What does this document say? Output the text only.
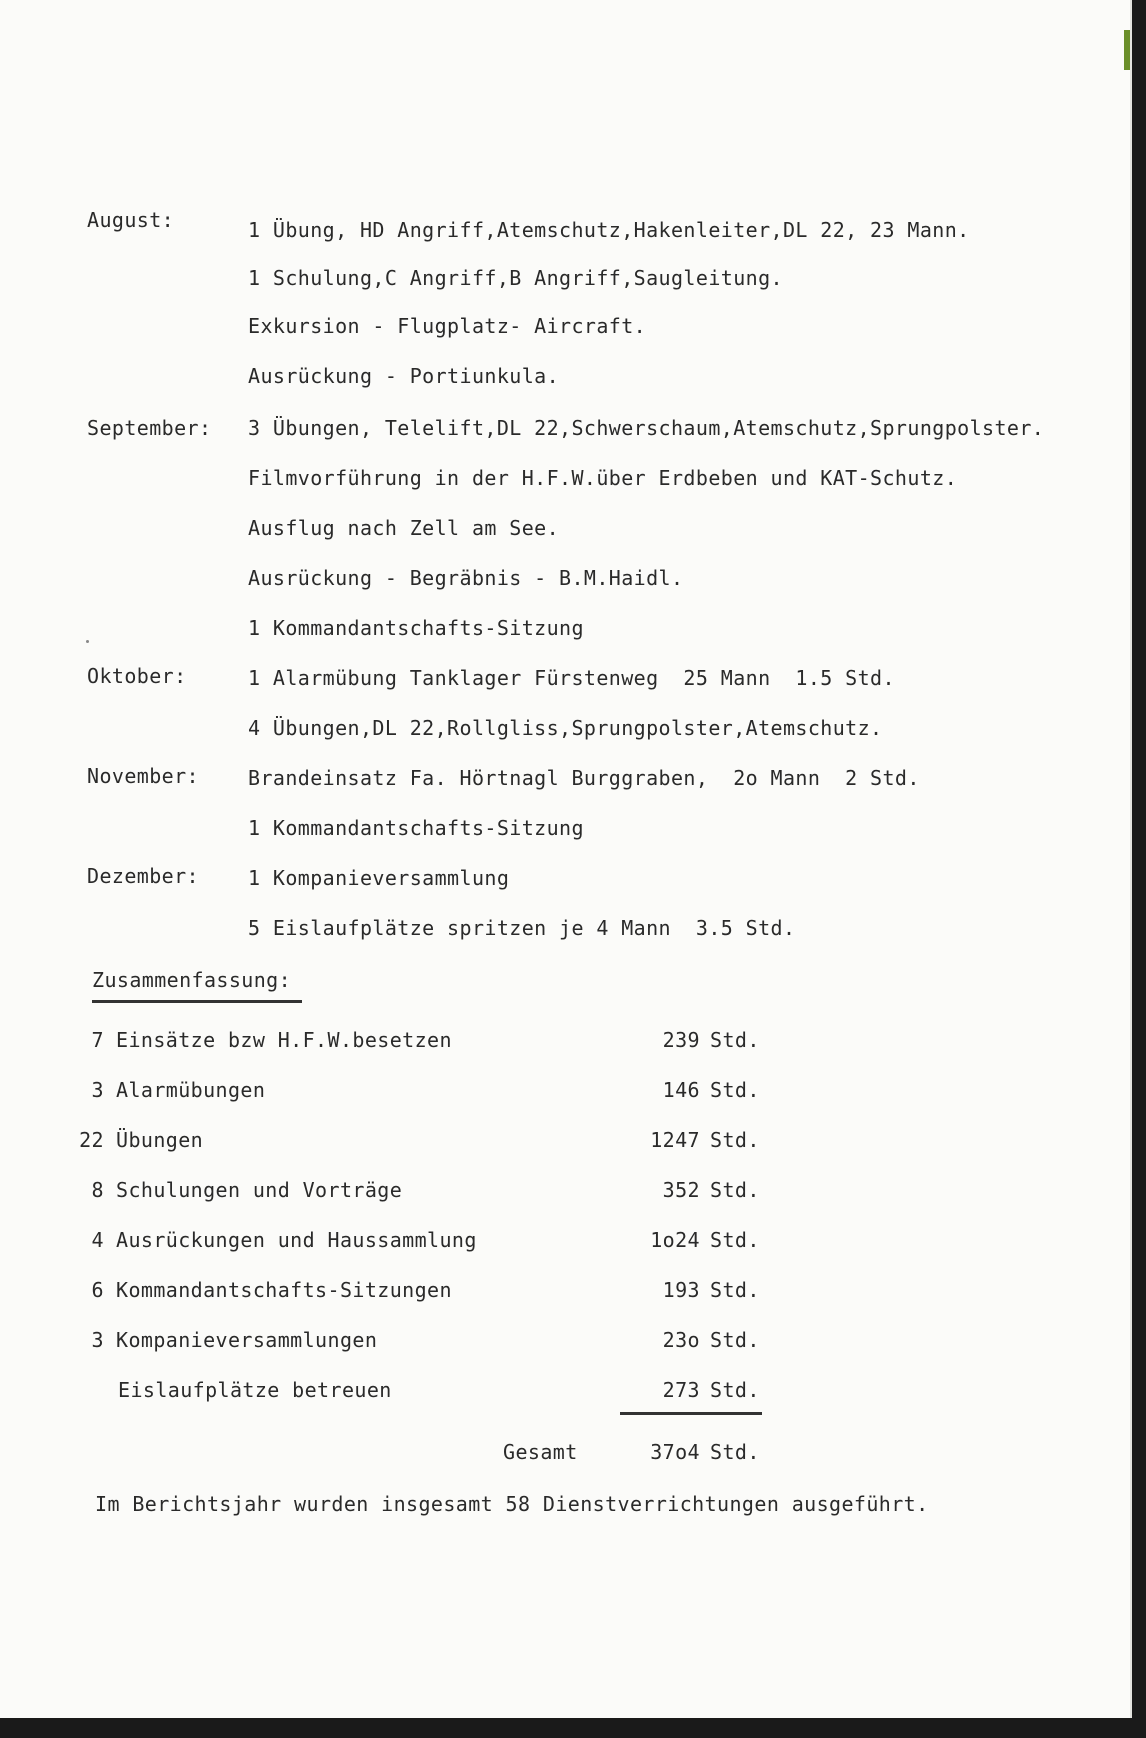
August:	1 Übung, HD Angriff,Atemschutz,Hakenleiter,DL 22, 23 Mann.
1 Schulung,C Angriff,B Angriff,Saugleitung.
Exkursion - Flugplatz- Aircraft.
Ausrückung - Portiunkula.
September: 3 Übungen, Telelift,DL 22,Schwerschaum,Atemschutz,Sprungpolster.
Filmvorführung in der H.F.W.über Erdbeben und KAT-Schutz.
Ausflug nach Zell am See.
Ausrückung - Begräbnis - B.M.Haidl.
1 Kommandantschafts-Sitzung
Oktober:	1 Alarmübung Tanklager Fürstenweg  25 Mann  1.5 Std.
4 Übungen,DL 22,Rollgliss,Sprungpolster,Atemschutz.
November: Brandeinsatz Fa. Hörtnagl Burggraben,  2o Mann  2 Std.
1 Kommandantschafts-Sitzung
Dezember: 1 Kompanieversammlung
5 Eislaufplätze spritzen je 4 Mann  3.5 Std.
Zusammenfassung:
7 Einsätze bzw H.F.W.besetzen	239 Std.
3 Alarmübungen	146 Std.
22 Übungen	1247 Std.
8 Schulungen und Vorträge	352 Std.
4 Ausrückungen und Haussammlung	1o24 Std.
6 Kommandantschafts-Sitzungen	193 Std.
3 Kompanieversammlungen	23o Std.
Eislaufplätze betreuen	273 Std.
Gesamt	37o4 Std.
Im Berichtsjahr wurden insgesamt 58 Dienstverrichtungen ausgeführt.
